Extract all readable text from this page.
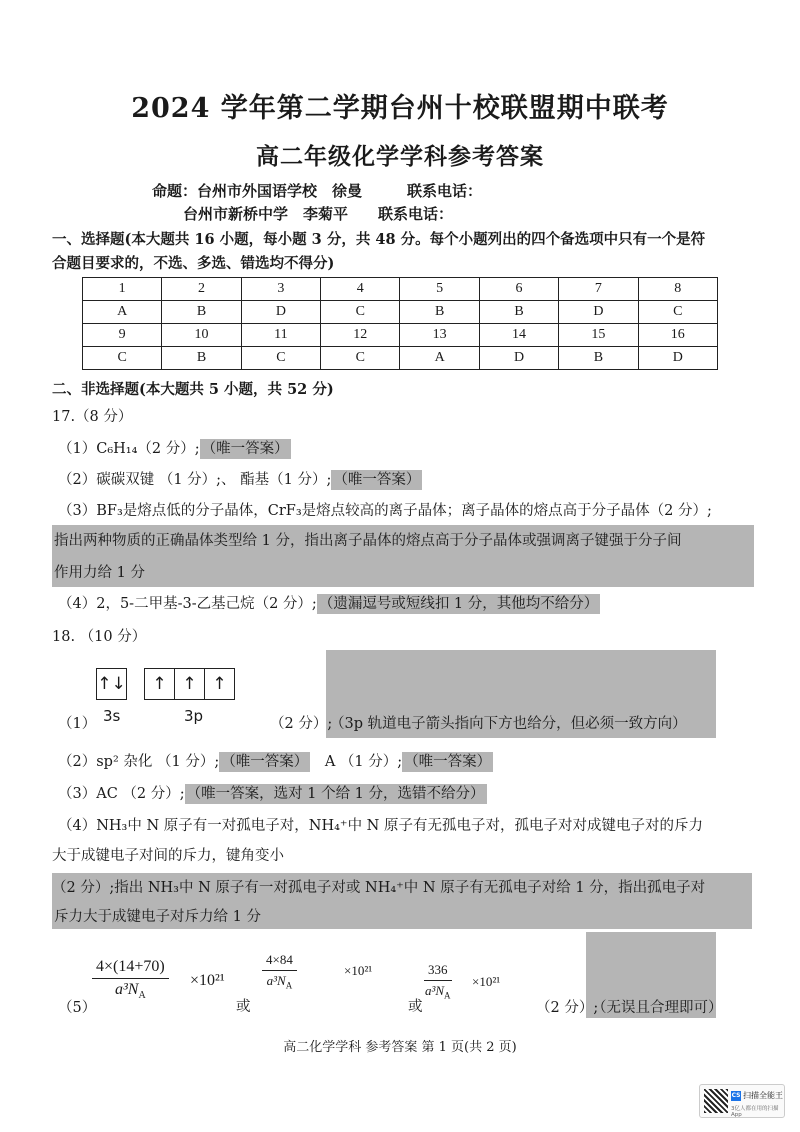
2024 学年第二学期台州十校联盟期中联考
高二年级化学学科参考答案
命题：台州市外国语学校　徐曼　　　联系电话：
台州市新桥中学　李菊平　　联系电话：
一、选择题(本大题共 16 小题，每小题 3 分，共 48 分。每个小题列出的四个备选项中只有一个是符
合题目要求的，不选、多选、错选均不得分)
1	2	3	4	5	6	7	8
A	B	D	C	B	B	D	C
9	10	11	12	13	14	15	16
C	B	C	C	A	D	B	D
二、非选择题(本大题共 5 小题，共 52 分)
17.（8 分）
（1）C₆H₁₄（2 分）; （唯一答案）
（2）碳碳双键 （1 分）;、 酯基（1 分）; （唯一答案）
（3）BF₃是熔点低的分子晶体，CrF₃是熔点较高的离子晶体；离子晶体的熔点高于分子晶体（2 分）;
指出两种物质的正确晶体类型给 1 分，指出离子晶体的熔点高于分子晶体或强调离子键强于分子间
作用力给 1 分
（4）2，5-二甲基-3-乙基己烷（2 分）; （遗漏逗号或短线扣 1 分，其他均不给分）
18. （10 分）
↑↓	↑ ↑ ↑
3s	3p
（1）	（2 分）;
（3p 轨道电子箭头指向下方也给分，但必须一致方向）
（2）sp² 杂化 （1 分）; （唯一答案） A （1 分）; （唯一答案）
（3）AC （2 分）; （唯一答案，选对 1 个给 1 分，选错不给分）
（4）NH₃中 N 原子有一对孤电子对，NH₄⁺中 N 原子有无孤电子对，孤电子对对成键电子对的斥力
大于成键电子对间的斥力，键角变小
（2 分）;指出 NH₃中 N 原子有一对孤电子对或 NH₄⁺中 N 原子有无孤电子对给 1 分，指出孤电子对
斥力大于成键电子对斥力给 1 分
（5）
$\frac{4\times(14+70)}{a^3N_A} \times 10^{21}$
或
$\frac{4\times 84}{a^3N_A}$	×10²¹
或
$\frac{336}{a^3N_A} \times 10^{21}$
（2 分）;
（无误且合理即可）
高二化学学科 参考答案 第 1 页(共 2 页)
CS 扫描全能王
3亿人都在用的扫描App
